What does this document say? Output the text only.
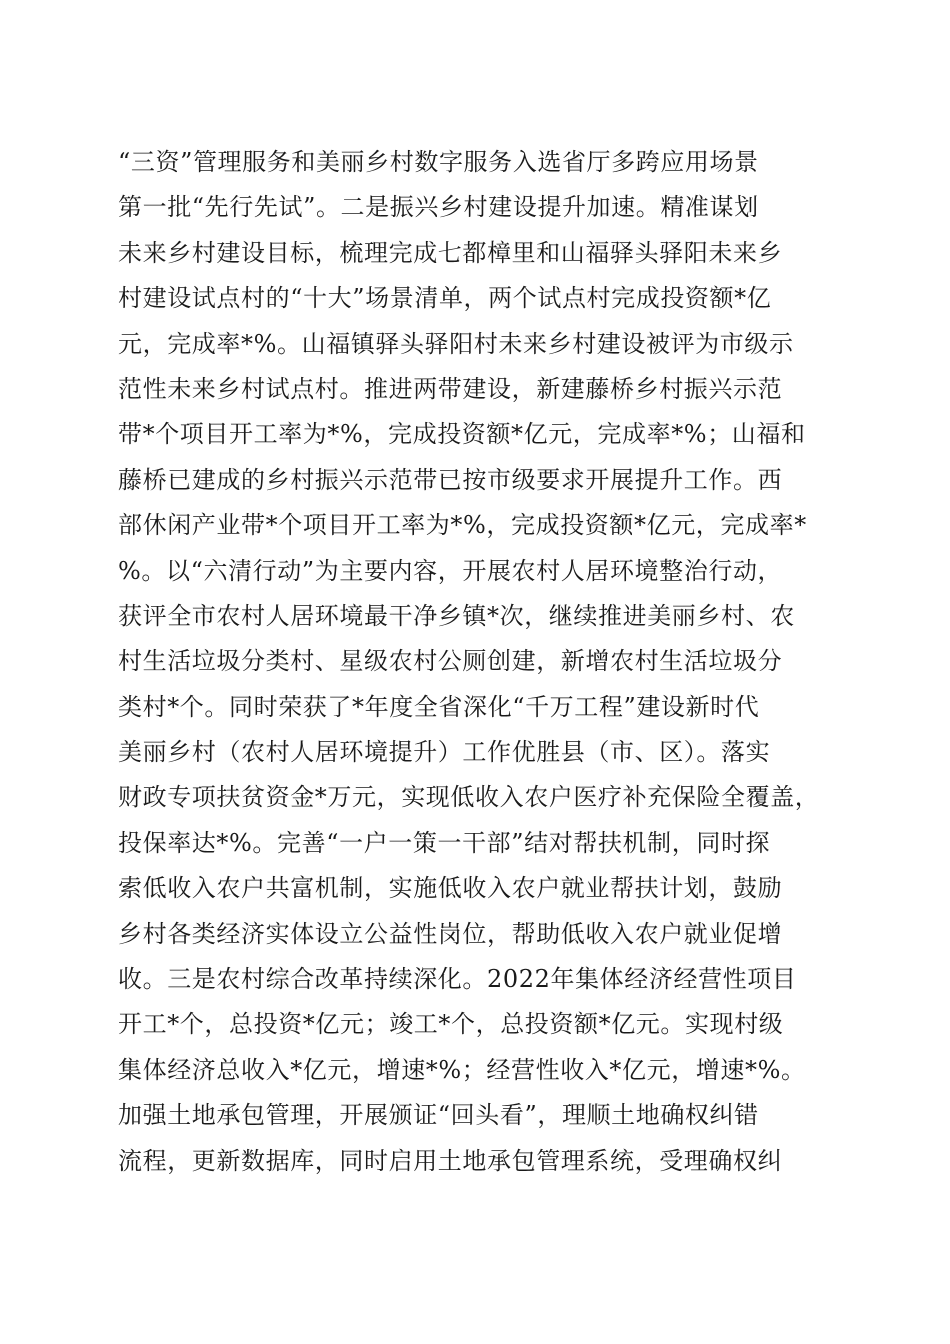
“三资”管理服务和美丽乡村数字服务入选省厅多跨应用场景
第一批“先行先试”。二是振兴乡村建设提升加速。精准谋划
未来乡村建设目标，梳理完成七都樟里和山福驿头驿阳未来乡
村建设试点村的“十大”场景清单，两个试点村完成投资额*亿
元，完成率*%。山福镇驿头驿阳村未来乡村建设被评为市级示
范性未来乡村试点村。推进两带建设，新建藤桥乡村振兴示范
带*个项目开工率为*%，完成投资额*亿元，完成率*%；山福和
藤桥已建成的乡村振兴示范带已按市级要求开展提升工作。西
部休闲产业带*个项目开工率为*%，完成投资额*亿元，完成率*
%。以“六清行动”为主要内容，开展农村人居环境整治行动，
获评全市农村人居环境最干净乡镇*次，继续推进美丽乡村、农
村生活垃圾分类村、星级农村公厕创建，新增农村生活垃圾分
类村*个。同时荣获了*年度全省深化“千万工程”建设新时代
美丽乡村（农村人居环境提升）工作优胜县（市、区）。落实
财政专项扶贫资金*万元，实现低收入农户医疗补充保险全覆盖，
投保率达*%。完善“一户一策一干部”结对帮扶机制，同时探
索低收入农户共富机制，实施低收入农户就业帮扶计划，鼓励
乡村各类经济实体设立公益性岗位，帮助低收入农户就业促增
收。三是农村综合改革持续深化。2022年集体经济经营性项目
开工*个，总投资*亿元；竣工*个，总投资额*亿元。实现村级
集体经济总收入*亿元，增速*%；经营性收入*亿元，增速*%。
加强土地承包管理，开展颁证“回头看”，理顺土地确权纠错
流程，更新数据库，同时启用土地承包管理系统，受理确权纠
